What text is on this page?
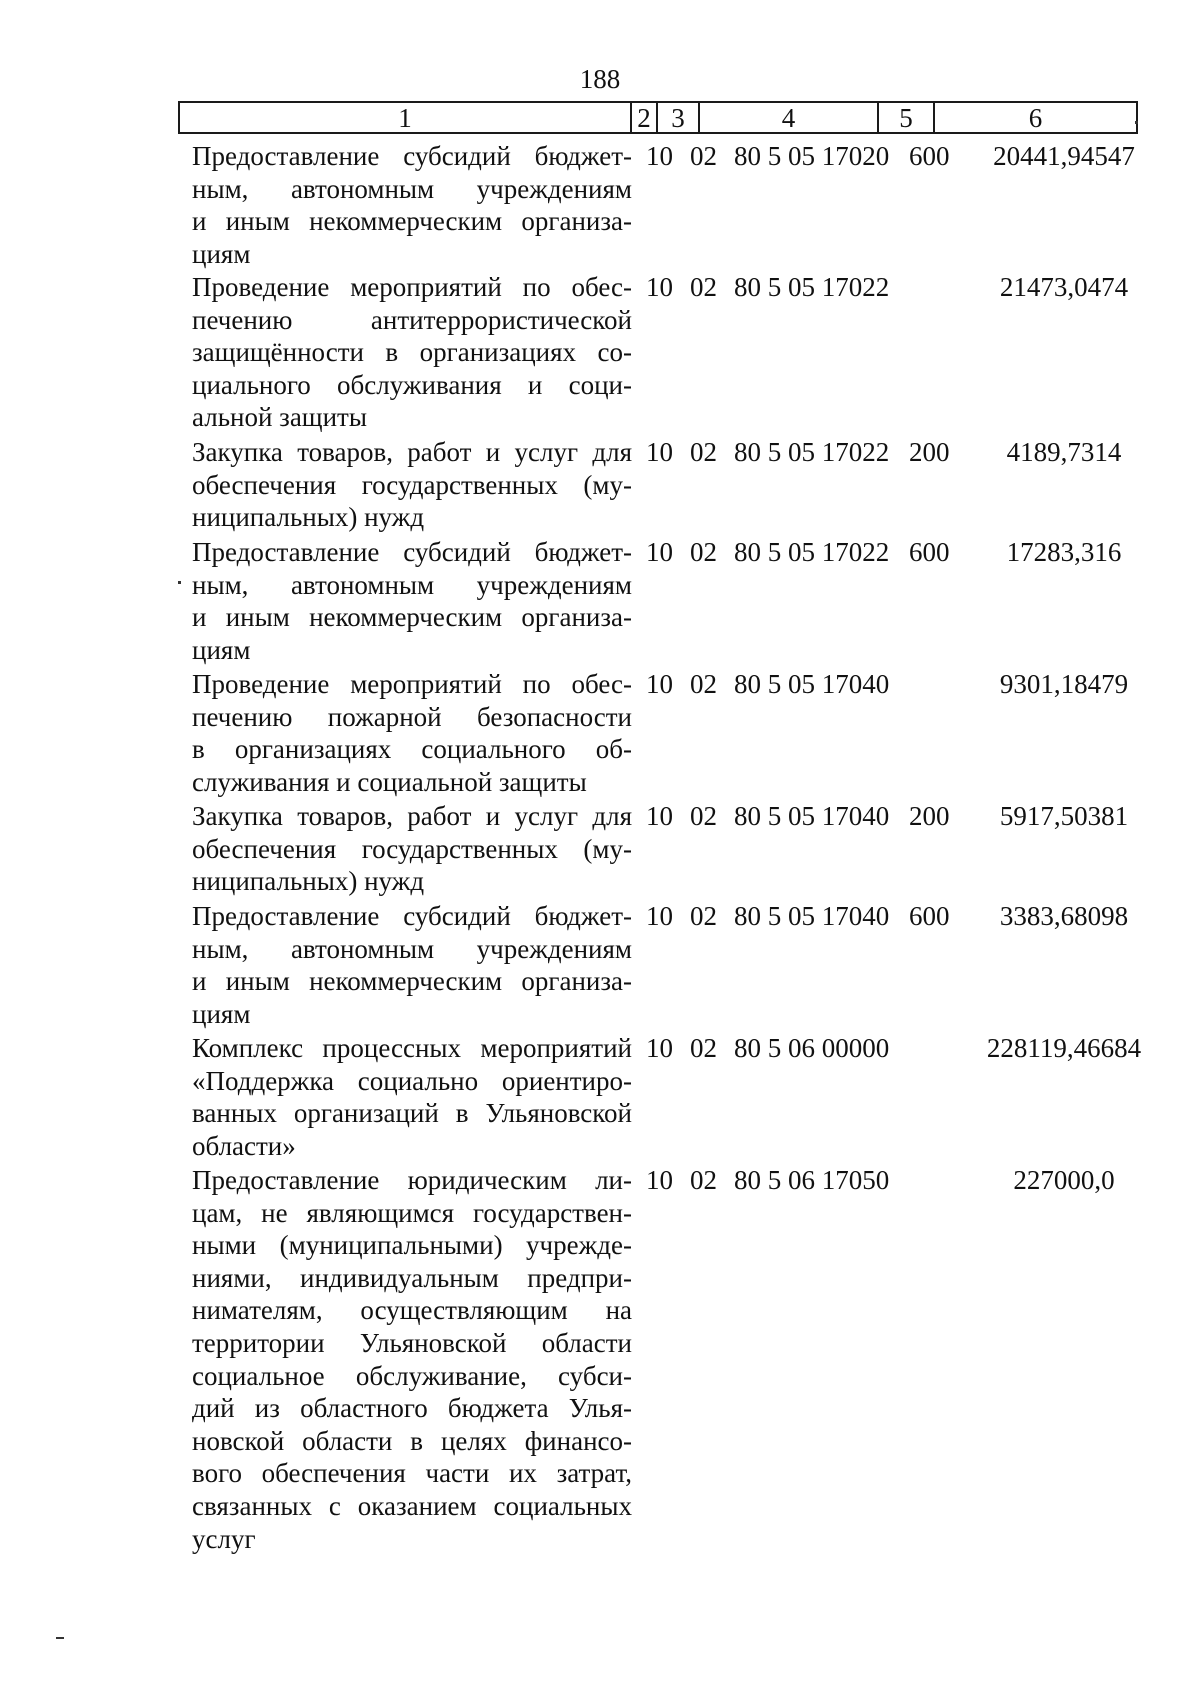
188
1	2 3	4	5	6
Предоставление субсидий бюджет-
ным, автономным учреждениям
и иным некоммерческим организа-
циям
10 02 80 5 05 17020 600	20441,94547
Проведение мероприятий по обес-
печению антитеррористической
защищённости в организациях со-
циального обслуживания и соци-
альной защиты
10 02 80 5 05 17022	21473,0474
Закупка товаров, работ и услуг для
обеспечения государственных (му-
ниципальных) нужд
10 02 80 5 05 17022 200	4189,7314
Предоставление субсидий бюджет-
ным, автономным учреждениям
и иным некоммерческим организа-
циям
10 02 80 5 05 17022 600	17283,316
Проведение мероприятий по обес-
печению пожарной безопасности
в организациях социального об-
служивания и социальной защиты
10 02 80 5 05 17040	9301,18479
Закупка товаров, работ и услуг для
обеспечения государственных (му-
ниципальных) нужд
10 02 80 5 05 17040 200	5917,50381
Предоставление субсидий бюджет-
ным, автономным учреждениям
и иным некоммерческим организа-
циям
10 02 80 5 05 17040 600	3383,68098
Комплекс процессных мероприятий
«Поддержка социально ориентиро-
ванных организаций в Ульяновской
области»
10 02 80 5 06 00000	228119,46684
Предоставление юридическим ли-
цам, не являющимся государствен-
ными (муниципальными) учрежде-
ниями, индивидуальным предпри-
нимателям, осуществляющим на
территории Ульяновской области
социальное обслуживание, субси-
дий из областного бюджета Улья-
новской области в целях финансо-
вого обеспечения части их затрат,
связанных с оказанием социальных
услуг
10 02 80 5 06 17050	227000,0
